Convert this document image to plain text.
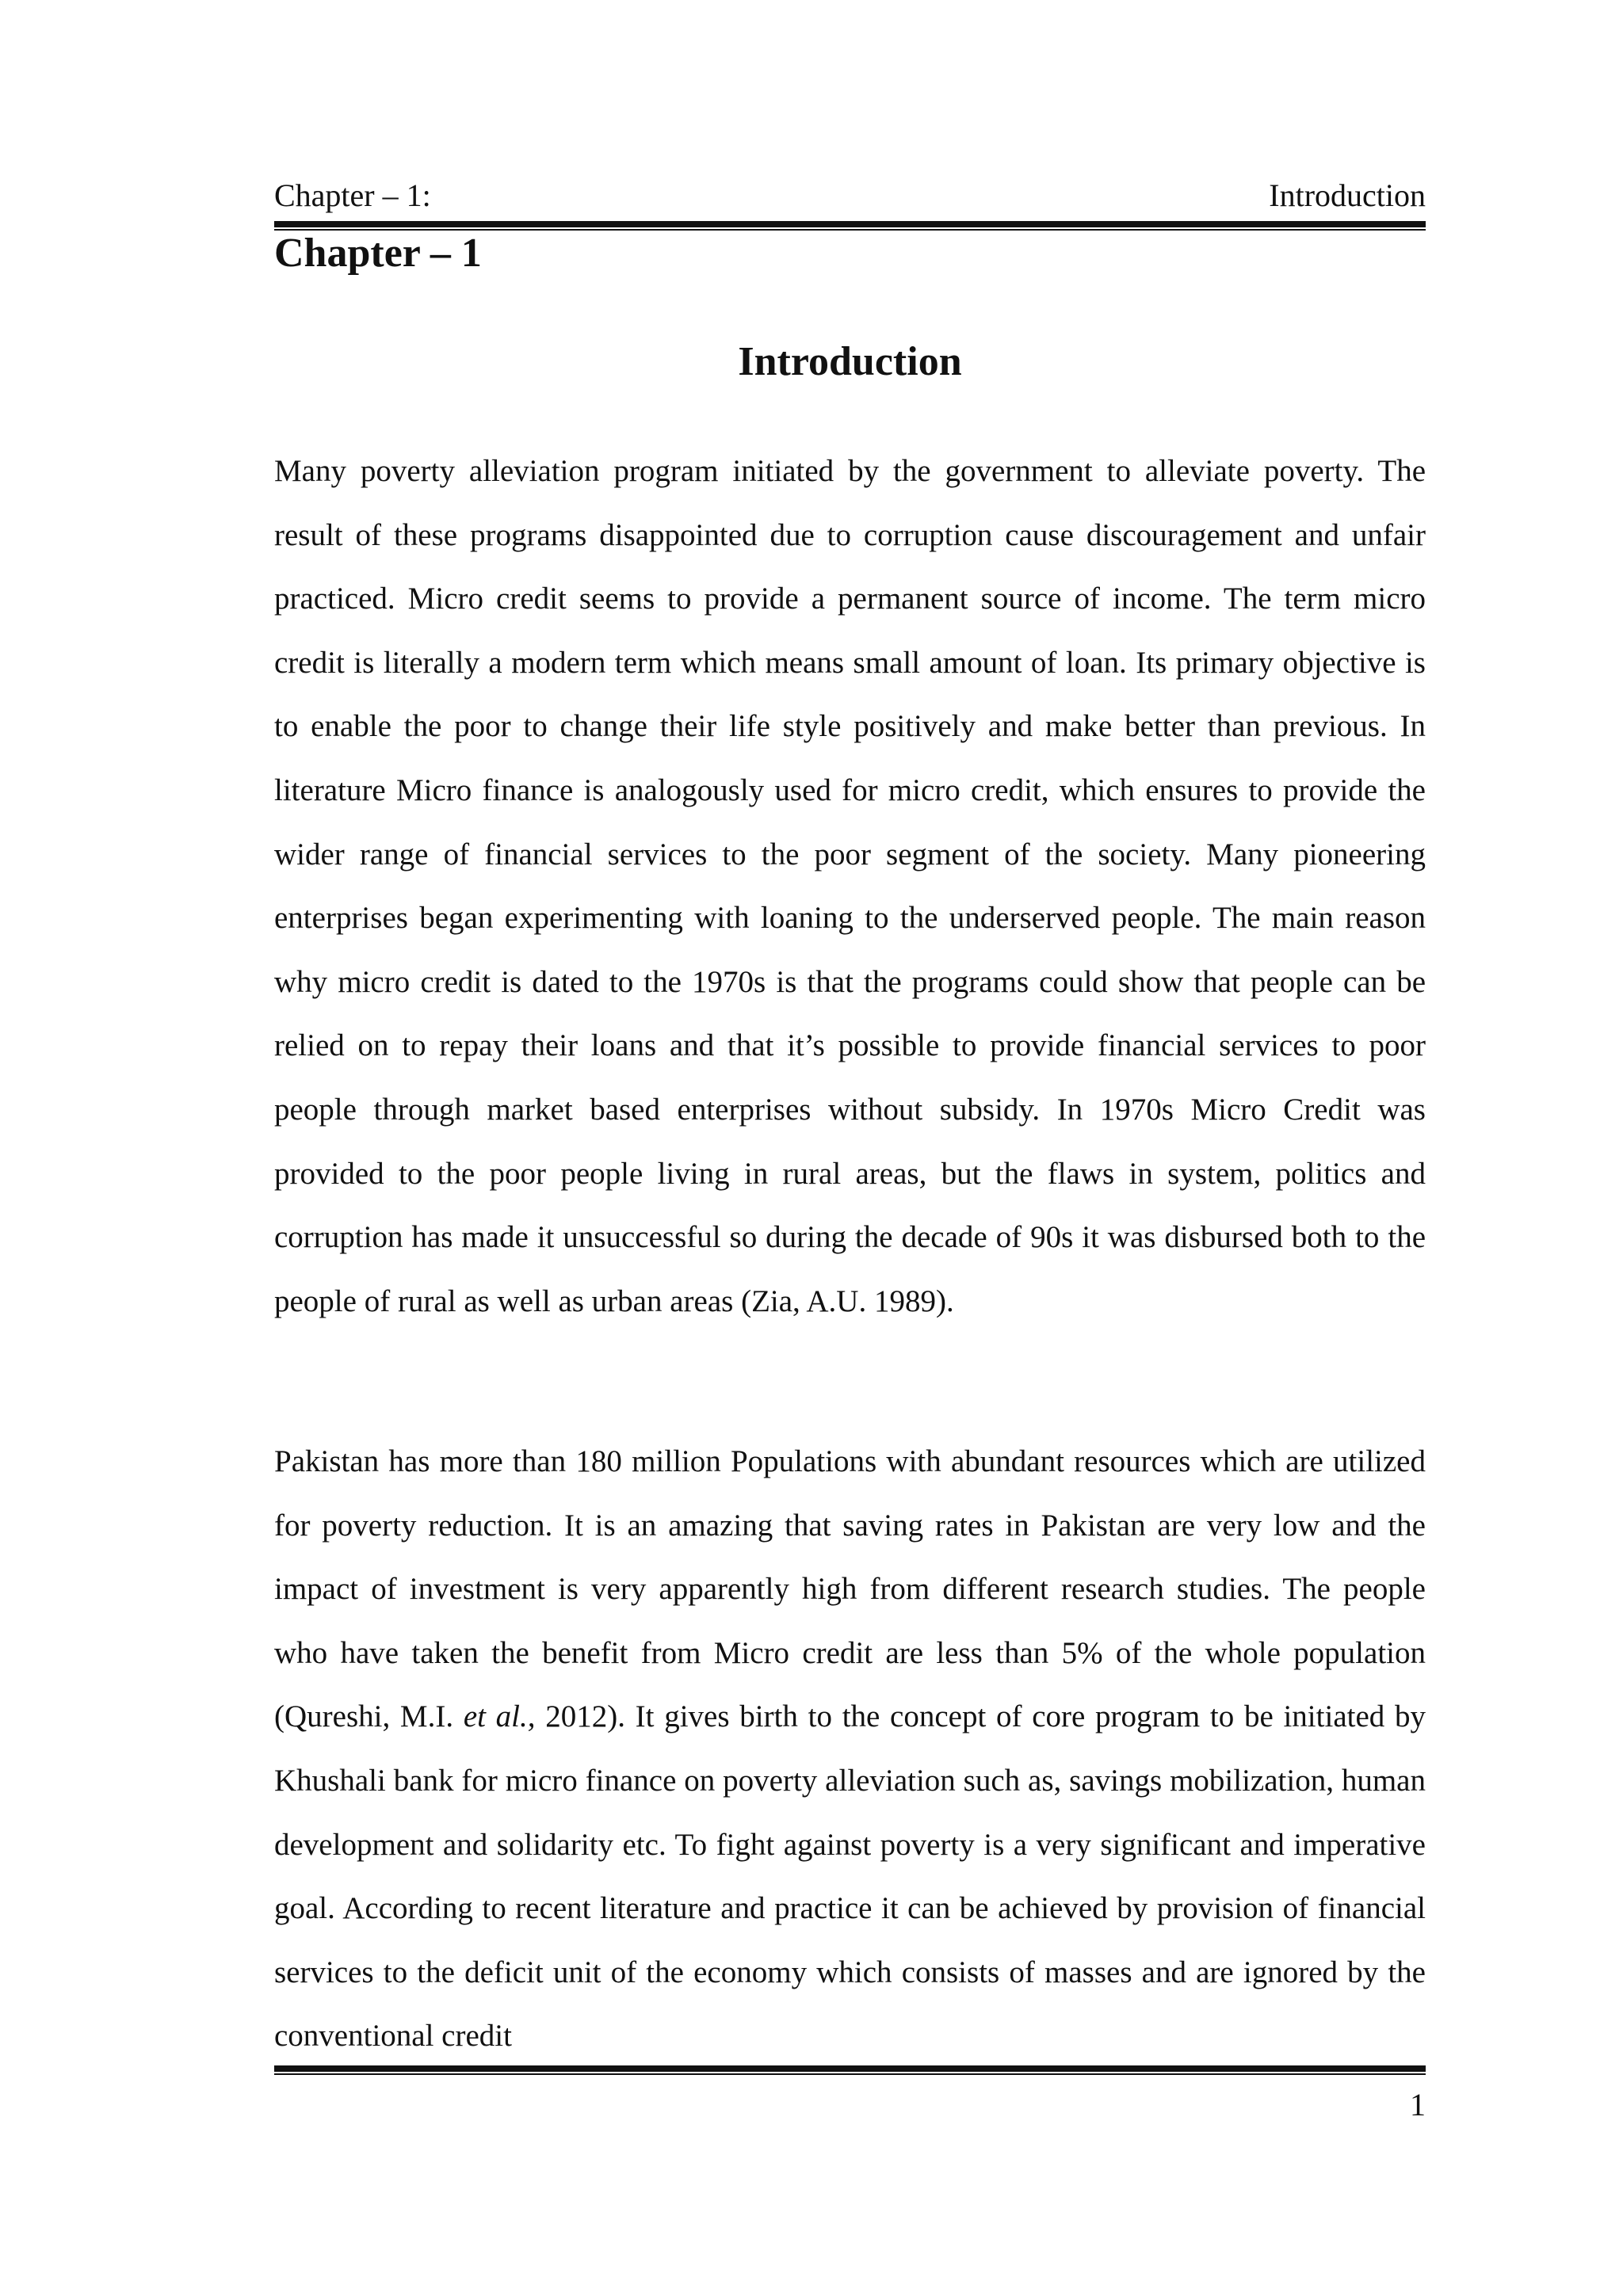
Chapter – 1:	Introduction
Chapter – 1
Introduction

Many poverty alleviation program initiated by the government to alleviate poverty. The result of these programs disappointed due to corruption cause discouragement and unfair practiced. Micro credit seems to provide a permanent source of income. The term micro credit is literally a modern term which means small amount of loan. Its primary objective is to enable the poor to change their life style positively and make better than previous. In literature Micro finance is analogously used for micro credit, which ensures to provide the wider range of financial services to the poor segment of the society. Many pioneering enterprises began experimenting with loaning to the underserved people. The main reason why micro credit is dated to the 1970s is that the programs could show that people can be relied on to repay their loans and that it’s possible to provide financial services to poor people through market based enterprises without subsidy. In 1970s Micro Credit was provided to the poor people living in rural areas, but the flaws in system, politics and corruption has made it unsuccessful so during the decade of 90s it was disbursed both to the people of rural as well as urban areas (Zia, A.U. 1989).

Pakistan has more than 180 million Populations with abundant resources which are utilized for poverty reduction. It is an amazing that saving rates in Pakistan are very low and the impact of investment is very apparently high from different research studies. The people who have taken the benefit from Micro credit are less than 5% of the whole population (Qureshi, M.I. et al., 2012). It gives birth to the concept of core program to be initiated by Khushali bank for micro finance on poverty alleviation such as, savings mobilization, human development and solidarity etc. To fight against poverty is a very significant and imperative goal. According to recent literature and practice it can be achieved by provision of financial services to the deficit unit of the economy which consists of masses and are ignored by the conventional credit

1
